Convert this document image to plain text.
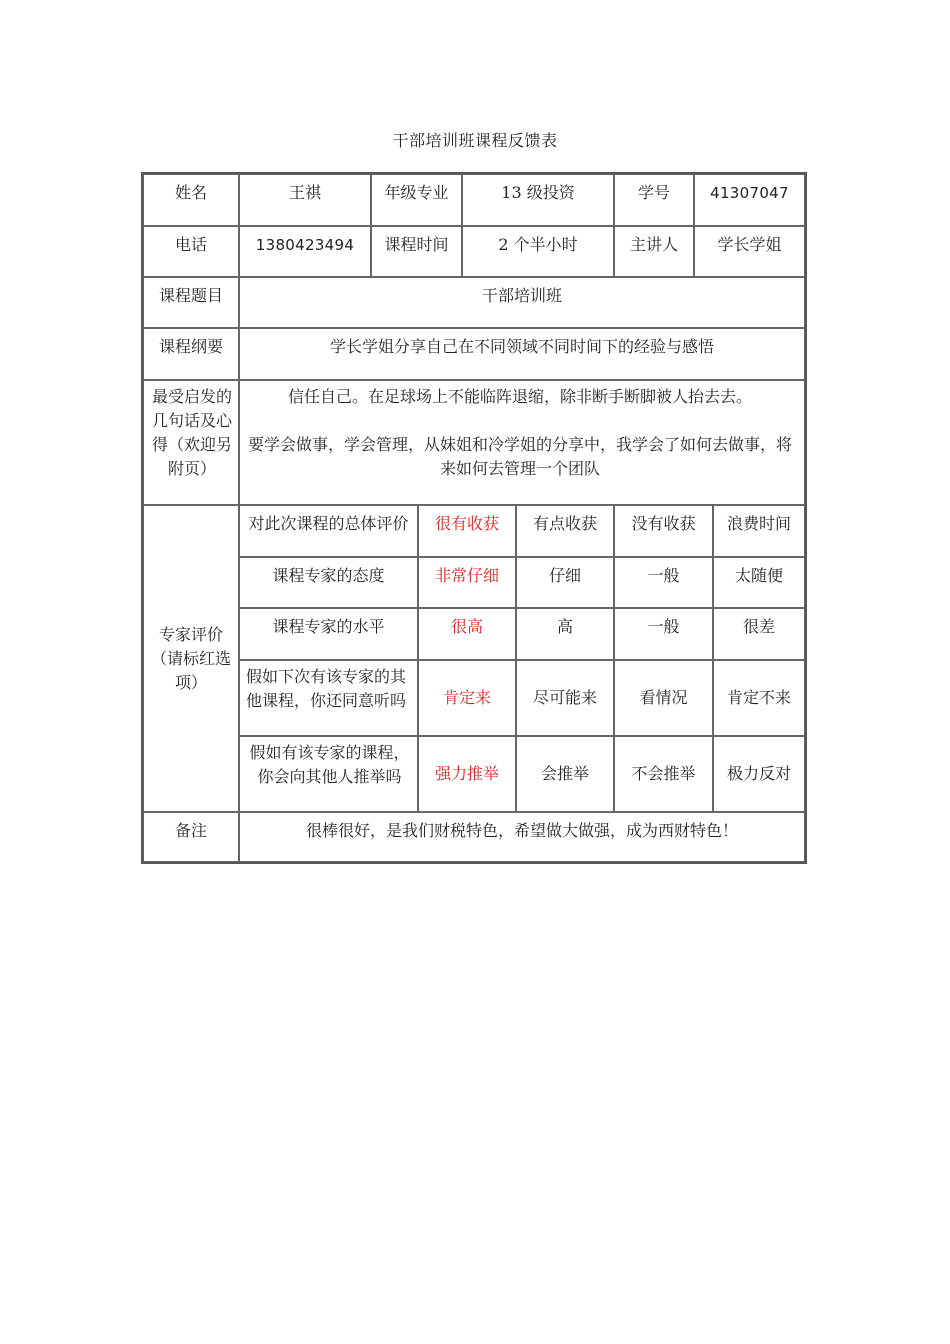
干部培训班课程反馈表
姓名	王祺	年级专业	13 级投资	学号	41307047
电话	1380423494	课程时间	2 个半小时	主讲人	学长学姐
课程题目	干部培训班
课程纲要	学长学姐分享自己在不同领域不同时间下的经验与感悟
最受启发的几句话及心得（欢迎另附页）

信任自己。在足球场上不能临阵退缩，除非断手断脚被人抬去去。

要学会做事，学会管理，从妹姐和冷学姐的分享中，我学会了如何去做事，将来如何去管理一个团队

专家评价（请标红选项）
对此次课程的总体评价	很有收获	有点收获	没有收获	浪费时间
课程专家的态度	非常仔细	仔细	一般	太随便
课程专家的水平	很高	高	一般	很差
假如下次有该专家的其他课程，你还同意听吗	肯定来	尽可能来	看情况	肯定不来
假如有该专家的课程，你会向其他人推举吗	强力推举	会推举	不会推举	极力反对
备注	很棒很好，是我们财税特色，希望做大做强，成为西财特色！
